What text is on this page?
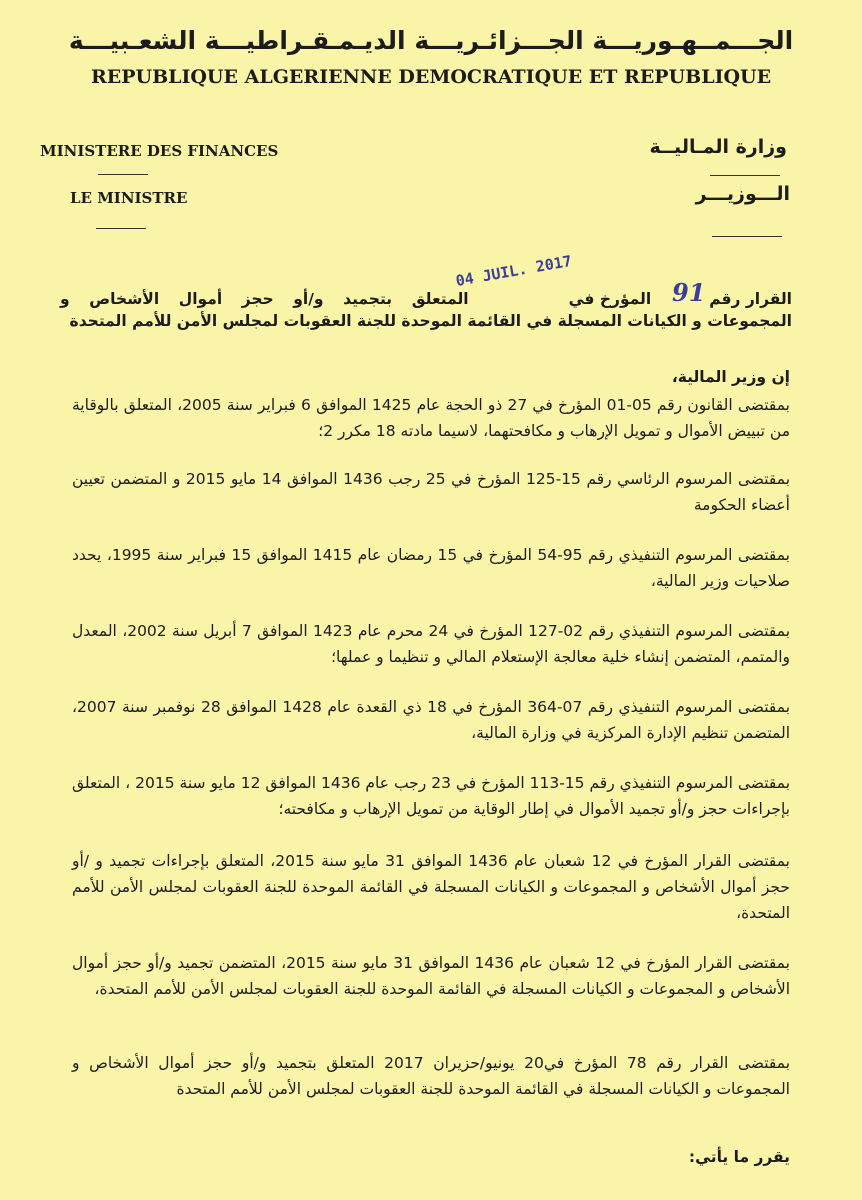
الجـــمــهـوريـــة الجـــزائـريـــة الديـمـقـراطيـــة الشعـبيـــة
REPUBLIQUE ALGERIENNE DEMOCRATIQUE ET REPUBLIQUE
MINISTERE DES FINANCES
LE MINISTRE
وزارة المـاليــة
الـــوزيـــر
04 JUIL. 2017
91 القرار رقمالمؤرخ فيالمتعلق بتجميد و/أو حجز أموال الأشخاص و المجموعات و الكيانات المسجلة في القائمة الموحدة للجنة العقوبات لمجلس الأمن للأمم المتحدة
إن وزير المالية،
بمقتضى القانون رقم 05-01 المؤرخ في 27 ذو الحجة عام 1425 الموافق 6 فبراير سنة 2005، المتعلق بالوقاية من تبييض الأموال و تمويل الإرهاب و مكافحتهما، لاسيما مادته 18 مكرر 2؛
بمقتضى المرسوم الرئاسي رقم 15-125 المؤرخ في 25 رجب 1436 الموافق 14 مايو 2015 و المتضمن تعيين أعضاء الحكومة
بمقتضى المرسوم التنفيذي رقم 95-54 المؤرخ في 15 رمضان عام 1415 الموافق 15 فبراير سنة 1995، يحدد صلاحيات وزير المالية،
بمقتضى المرسوم التنفيذي رقم 02-127 المؤرخ في 24 محرم عام 1423 الموافق 7 أبريل سنة 2002، المعدل والمتمم، المتضمن إنشاء خلية معالجة الإستعلام المالي و تنظيما و عملها؛
بمقتضى المرسوم التنفيذي رقم 07-364 المؤرخ في 18 ذي القعدة عام 1428 الموافق 28 نوفمبر سنة 2007، المتضمن تنظيم الإدارة المركزية في وزارة المالية،
بمقتضى المرسوم التنفيذي رقم 15-113 المؤرخ في 23 رجب عام 1436 الموافق 12 مايو سنة 2015 ، المتعلق بإجراءات حجز و/أو تجميد الأموال في إطار الوقاية من تمويل الإرهاب و مكافحته؛
بمقتضى القرار المؤرخ في 12 شعبان عام 1436 الموافق 31 مايو سنة 2015، المتعلق بإجراءات تجميد و /أو حجز أموال الأشخاص و المجموعات و الكيانات المسجلة في القائمة الموحدة للجنة العقوبات لمجلس الأمن للأمم المتحدة،
بمقتضى القرار المؤرخ في 12 شعبان عام 1436 الموافق 31 مايو سنة 2015، المتضمن تجميد و/أو حجز أموال الأشخاص و المجموعات و الكيانات المسجلة في القائمة الموحدة للجنة العقوبات لمجلس الأمن للأمم المتحدة،
بمقتضى القرار رقم 78 المؤرخ في20 يونيو/حزيران 2017 المتعلق بتجميد و/أو حجز أموال الأشخاص و المجموعات و الكيانات المسجلة في القائمة الموحدة للجنة العقوبات لمجلس الأمن للأمم المتحدة
يقرر ما يأتي:
